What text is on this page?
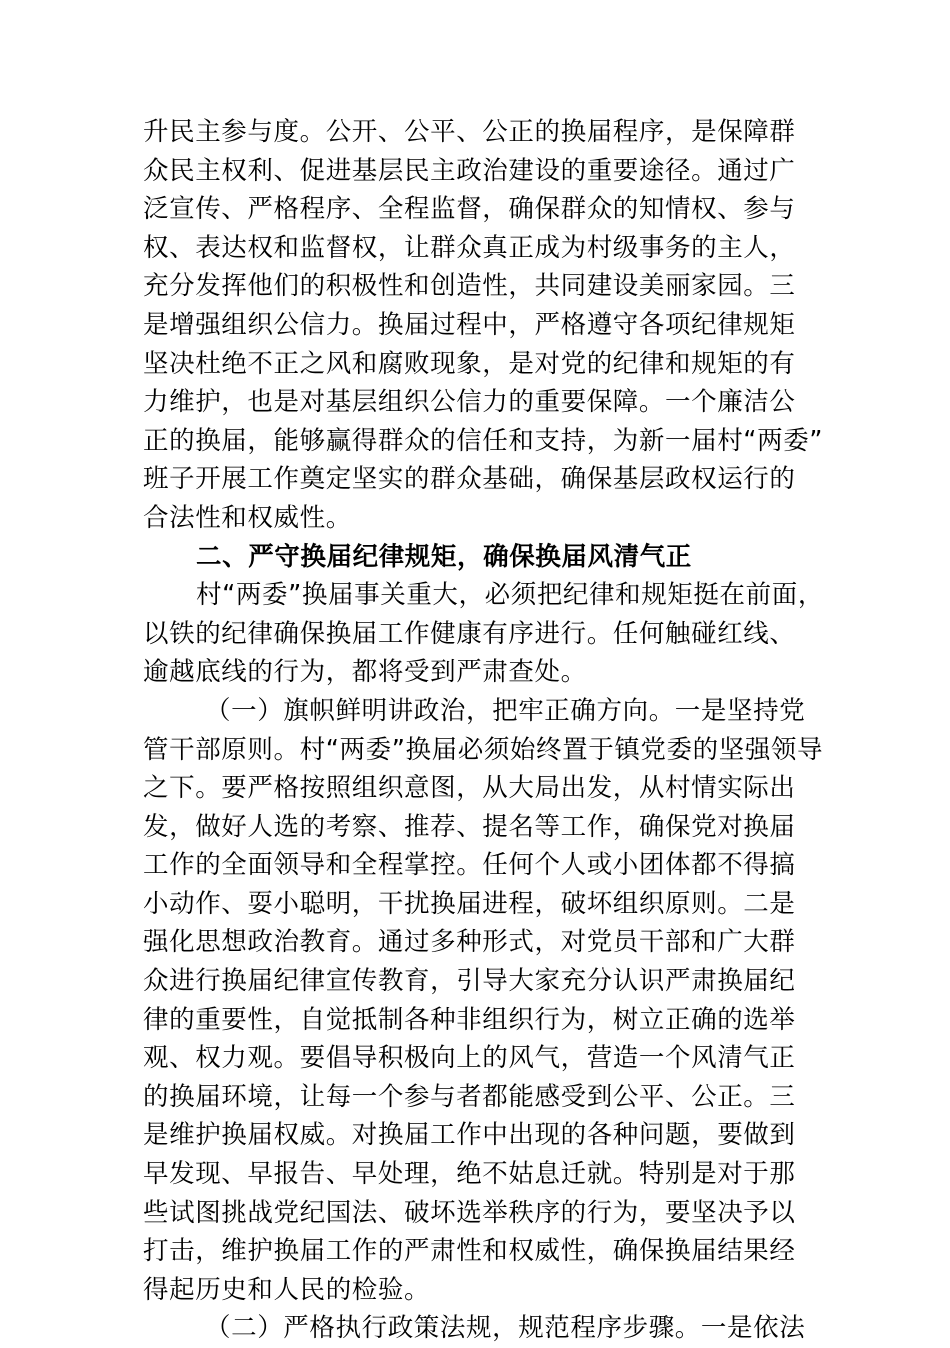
升民主参与度。公开、公平、公正的换届程序，是保障群
众民主权利、促进基层民主政治建设的重要途径。通过广
泛宣传、严格程序、全程监督，确保群众的知情权、参与
权、表达权和监督权，让群众真正成为村级事务的主人，
充分发挥他们的积极性和创造性，共同建设美丽家园。三
是增强组织公信力。换届过程中，严格遵守各项纪律规矩
坚决杜绝不正之风和腐败现象，是对党的纪律和规矩的有
力维护，也是对基层组织公信力的重要保障。一个廉洁公
正的换届，能够赢得群众的信任和支持，为新一届村“两委”
班子开展工作奠定坚实的群众基础，确保基层政权运行的
合法性和权威性。
二、严守换届纪律规矩，确保换届风清气正
村“两委”换届事关重大，必须把纪律和规矩挺在前面，
以铁的纪律确保换届工作健康有序进行。任何触碰红线、
逾越底线的行为，都将受到严肃查处。
（一）旗帜鲜明讲政治，把牢正确方向。一是坚持党
管干部原则。村“两委”换届必须始终置于镇党委的坚强领导
之下。要严格按照组织意图，从大局出发，从村情实际出
发，做好人选的考察、推荐、提名等工作，确保党对换届
工作的全面领导和全程掌控。任何个人或小团体都不得搞
小动作、耍小聪明，干扰换届进程，破坏组织原则。二是
强化思想政治教育。通过多种形式，对党员干部和广大群
众进行换届纪律宣传教育，引导大家充分认识严肃换届纪
律的重要性，自觉抵制各种非组织行为，树立正确的选举
观、权力观。要倡导积极向上的风气，营造一个风清气正
的换届环境，让每一个参与者都能感受到公平、公正。三
是维护换届权威。对换届工作中出现的各种问题，要做到
早发现、早报告、早处理，绝不姑息迁就。特别是对于那
些试图挑战党纪国法、破坏选举秩序的行为，要坚决予以
打击，维护换届工作的严肃性和权威性，确保换届结果经
得起历史和人民的检验。
（二）严格执行政策法规，规范程序步骤。一是依法
